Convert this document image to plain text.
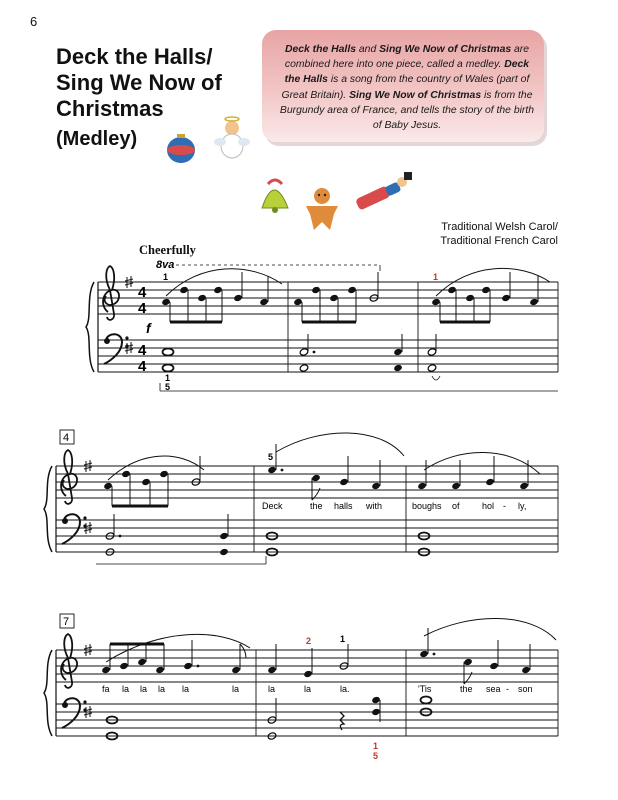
6
Deck the Halls/ Sing We Now of Christmas
(Medley)
Deck the Halls and Sing We Now of Christmas are combined here into one piece, called a medley. Deck the Halls is a song from the country of Wales (part of Great Britain). Sing We Now of Christmas is from the Burgundy area of France, and tells the story of the birth of Baby Jesus.
Traditional Welsh Carol/
Traditional French Carol
Cheerfully
4
4
4
4
8va
1	1
f
1
5
4
5
Deck	the halls with	boughs of hol - ly,
7
2	1
fa la la la la	la	la	la	la.	'Tis	the sea - son
1
5
